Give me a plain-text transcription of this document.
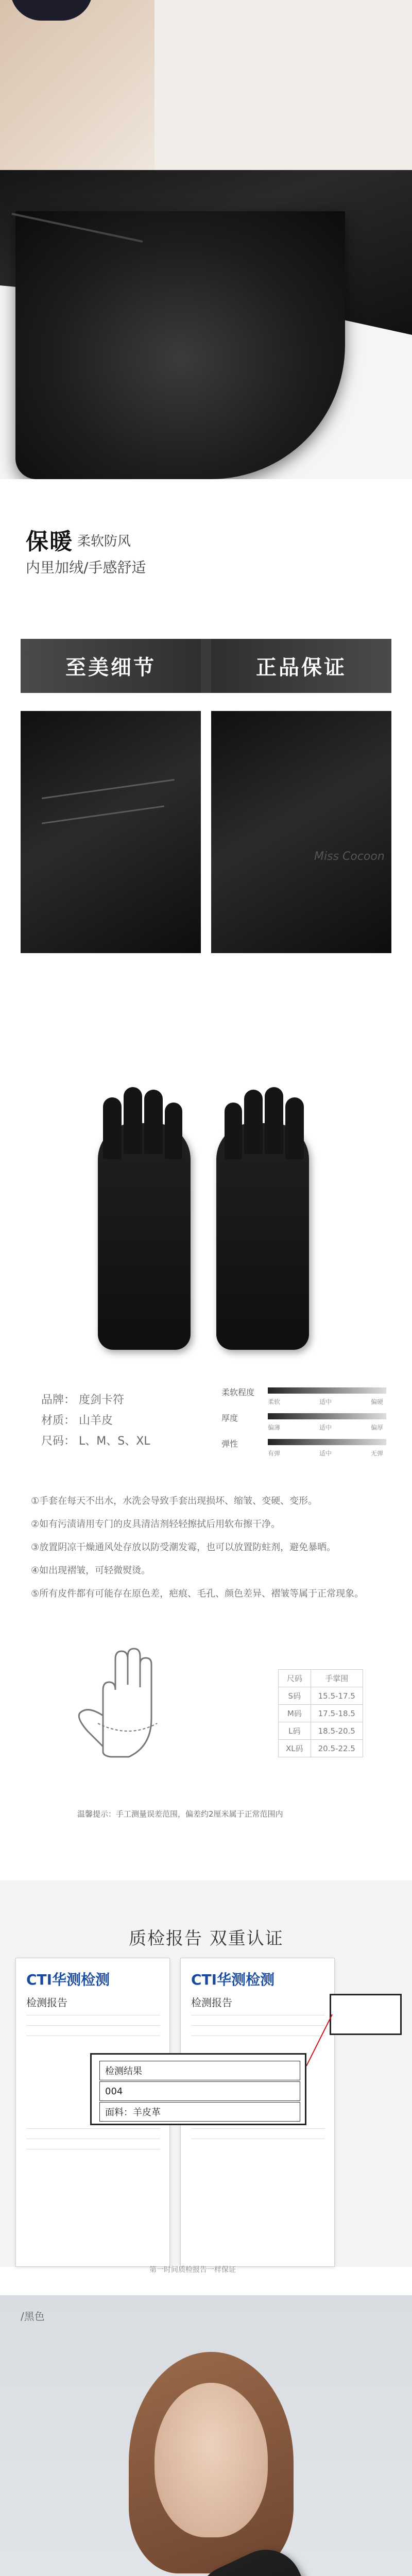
保暖 柔软防风
内里加绒/手感舒适
至美细节	正品保证
Miss Cocoon
品牌： 度剑卡符
材质： 山羊皮
尺码： L、M、S、XL
柔软程度
厚度
弹性
柔软	适中	偏硬
偏薄	适中	偏厚
有弹	适中	无弹
①手套在每天不出水，水洗会导致手套出现损坏、缩皱、变硬、变形。
②如有污渍请用专门的皮具清洁剂轻轻擦拭后用软布擦干净。
③放置阴凉干燥通风处存放以防受潮发霉，也可以放置防蛀剂，避免暴晒。
④如出现褶皱，可轻微熨烫。
⑤所有皮件都有可能存在原色差，疤痕、毛孔、颜色差异、褶皱等属于正常现象。
尺码	手掌围
S码	15.5-17.5
M码	17.5-18.5
L码	18.5-20.5
XL码	20.5-22.5
温馨提示：手工测量误差范围，偏差约2厘米属于正常范围内
质检报告 双重认证
CTI华测检测
检测报告
CTI华测检测
检测报告
检测结果
004
面料：羊皮革
第一时间质检报告一样保证
/黑色
